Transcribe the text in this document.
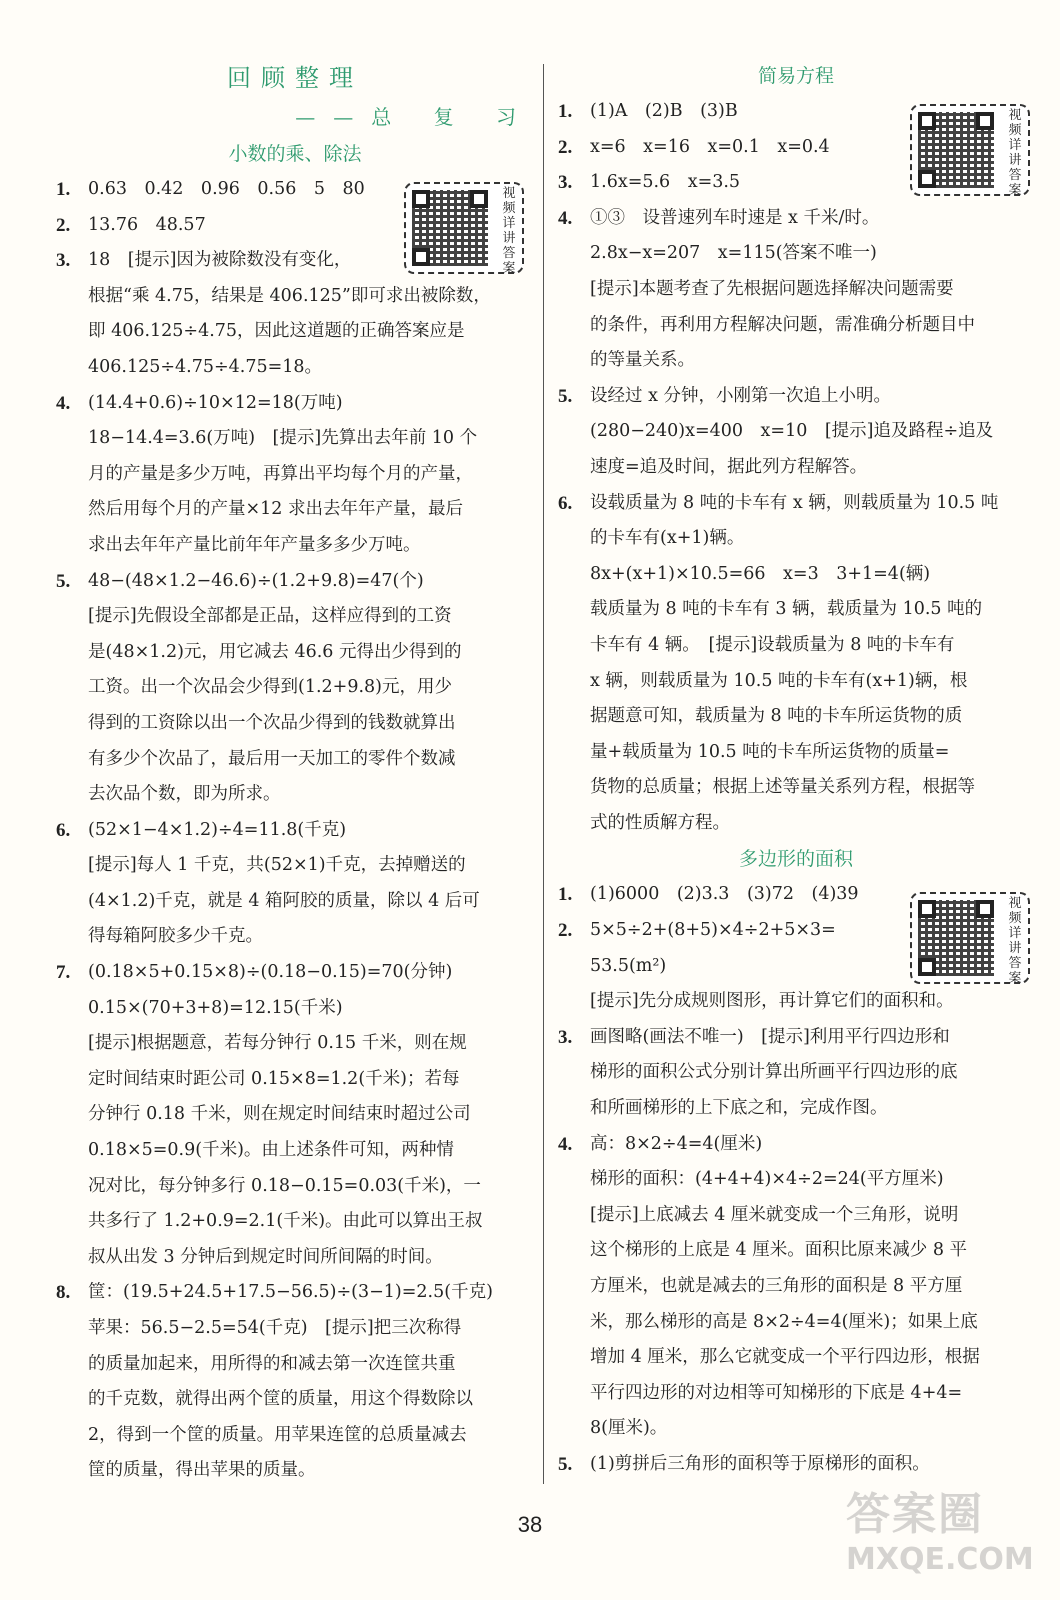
回顾整理
——总 复 习
小数的乘、除法
1. 0.63　0.42　0.96　0.56　5　80
2. 13.76　48.57
3. 18　[提示]因为被除数没有变化，
根据“乘 4.75，结果是 406.125”即可求出被除数，
即 406.125÷4.75，因此这道题的正确答案应是
406.125÷4.75÷4.75=18。
4. (14.4+0.6)÷10×12=18(万吨)
18−14.4=3.6(万吨)　[提示]先算出去年前 10 个
月的产量是多少万吨，再算出平均每个月的产量，
然后用每个月的产量×12 求出去年年产量，最后
求出去年年产量比前年年产量多多少万吨。
5. 48−(48×1.2−46.6)÷(1.2+9.8)=47(个)
[提示]先假设全部都是正品，这样应得到的工资
是(48×1.2)元，用它减去 46.6 元得出少得到的
工资。出一个次品会少得到(1.2+9.8)元，用少
得到的工资除以出一个次品少得到的钱数就算出
有多少个次品了，最后用一天加工的零件个数减
去次品个数，即为所求。
6. (52×1−4×1.2)÷4=11.8(千克)
[提示]每人 1 千克，共(52×1)千克，去掉赠送的
(4×1.2)千克，就是 4 箱阿胶的质量，除以 4 后可
得每箱阿胶多少千克。
7. (0.18×5+0.15×8)÷(0.18−0.15)=70(分钟)
0.15×(70+3+8)=12.15(千米)
[提示]根据题意，若每分钟行 0.15 千米，则在规
定时间结束时距公司 0.15×8=1.2(千米)；若每
分钟行 0.18 千米，则在规定时间结束时超过公司
0.18×5=0.9(千米)。由上述条件可知，两种情
况对比，每分钟多行 0.18−0.15=0.03(千米)，一
共多行了 1.2+0.9=2.1(千米)。由此可以算出王叔
叔从出发 3 分钟后到规定时间所间隔的时间。
8. 筐：(19.5+24.5+17.5−56.5)÷(3−1)=2.5(千克)
苹果：56.5−2.5=54(千克)　[提示]把三次称得
的质量加起来，用所得的和减去第一次连筐共重
的千克数，就得出两个筐的质量，用这个得数除以
2，得到一个筐的质量。用苹果连筐的总质量减去
筐的质量，得出苹果的质量。
视频详讲答案
简易方程
1. (1)A　(2)B　(3)B
2. x=6　x=16　x=0.1　x=0.4
3. 1.6x=5.6　x=3.5
4. ①③　设普速列车时速是 x 千米/时。
2.8x−x=207　x=115(答案不唯一)
[提示]本题考查了先根据问题选择解决问题需要
的条件，再利用方程解决问题，需准确分析题目中
的等量关系。
5. 设经过 x 分钟，小刚第一次追上小明。
(280−240)x=400　x=10　[提示]追及路程÷追及
速度=追及时间，据此列方程解答。
6. 设载质量为 8 吨的卡车有 x 辆，则载质量为 10.5 吨
的卡车有(x+1)辆。
8x+(x+1)×10.5=66　x=3　3+1=4(辆)
载质量为 8 吨的卡车有 3 辆，载质量为 10.5 吨的
卡车有 4 辆。　[提示]设载质量为 8 吨的卡车有
x 辆，则载质量为 10.5 吨的卡车有(x+1)辆，根
据题意可知，载质量为 8 吨的卡车所运货物的质
量+载质量为 10.5 吨的卡车所运货物的质量=
货物的总质量；根据上述等量关系列方程，根据等
式的性质解方程。
多边形的面积
1. (1)6000　(2)3.3　(3)72　(4)39
2. 5×5÷2+(8+5)×4÷2+5×3=
53.5(m²)
[提示]先分成规则图形，再计算它们的面积和。
3. 画图略(画法不唯一)　[提示]利用平行四边形和
梯形的面积公式分别计算出所画平行四边形的底
和所画梯形的上下底之和，完成作图。
4. 高：8×2÷4=4(厘米)
梯形的面积：(4+4+4)×4÷2=24(平方厘米)
[提示]上底减去 4 厘米就变成一个三角形，说明
这个梯形的上底是 4 厘米。面积比原来减少 8 平
方厘米，也就是减去的三角形的面积是 8 平方厘
米，那么梯形的高是 8×2÷4=4(厘米)；如果上底
增加 4 厘米，那么它就变成一个平行四边形，根据
平行四边形的对边相等可知梯形的下底是 4+4=
8(厘米)。
5. (1)剪拼后三角形的面积等于原梯形的面积。
视频详讲答案
视频详讲答案
38	答案圈
MXQE.COM
